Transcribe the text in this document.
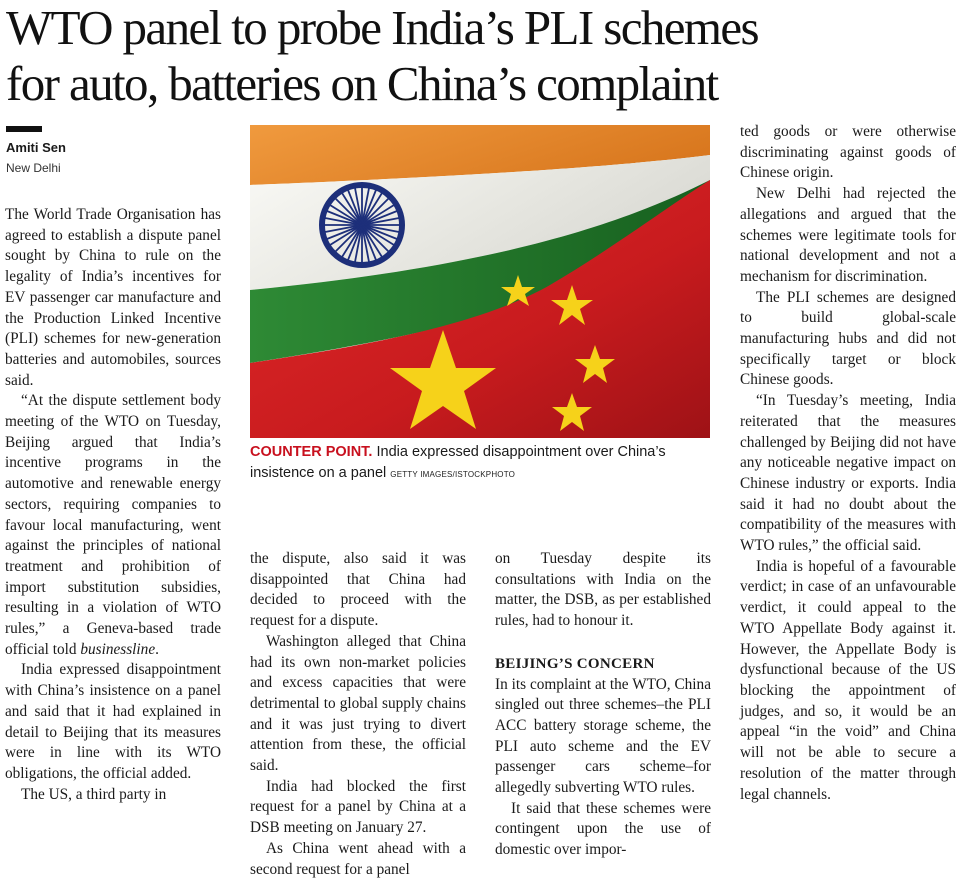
WTO panel to probe India’s PLI schemes
for auto, batteries on China’s complaint
Amiti Sen
New Delhi

The World Trade Organisation has agreed to establish a dispute panel sought by China to rule on the legality of India’s incentives for EV passenger car manufacture and the Production Linked Incentive (PLI) schemes for new-generation batteries and automobiles, sources said.

“At the dispute settlement body meeting of the WTO on Tuesday, Beijing argued that India’s incentive programs in the automotive and renewable energy sectors, requiring companies to favour local manufacturing, went against the principles of national treatment and prohibition of import substitution subsidies, resulting in a violation of WTO rules,” a Geneva-based trade official told businessline.

India expressed disappointment with China’s insistence on a panel and said that it had explained in detail to Beijing that its measures were in line with its WTO obligations, the official added.

The US, a third party in

COUNTER POINT. India expressed disappointment over China’s insistence on a panel GETTY IMAGES/ISTOCKPHOTO

the dispute, also said it was disappointed that China had decided to proceed with the request for a dispute.

Washington alleged that China had its own non-market policies and excess capacities that were detrimental to global supply chains and it was just trying to divert attention from these, the official said.

India had blocked the first request for a panel by China at a DSB meeting on January 27.

As China went ahead with a second request for a panel

on Tuesday despite its consultations with India on the matter, the DSB, as per established rules, had to honour it.

BEIJING’S CONCERN

In its complaint at the WTO, China singled out three schemes–the PLI ACC battery storage scheme, the PLI auto scheme and the EV passenger cars scheme–for allegedly subverting WTO rules.

It said that these schemes were contingent upon the use of domestic over impor-

ted goods or were otherwise discriminating against goods of Chinese origin.

New Delhi had rejected the allegations and argued that the schemes were legitimate tools for national development and not a mechanism for discrimination.

The PLI schemes are designed to build global-scale manufacturing hubs and did not specifically target or block Chinese goods.

“In Tuesday’s meeting, India reiterated that the measures challenged by Beijing did not have any noticeable negative impact on Chinese industry or exports. India said it had no doubt about the compatibility of the measures with WTO rules,” the official said.

India is hopeful of a favourable verdict; in case of an unfavourable verdict, it could appeal to the WTO Appellate Body against it. However, the Appellate Body is dysfunctional because of the US blocking the appointment of judges, and so, it would be an appeal “in the void” and China will not be able to secure a resolution of the matter through legal channels.
